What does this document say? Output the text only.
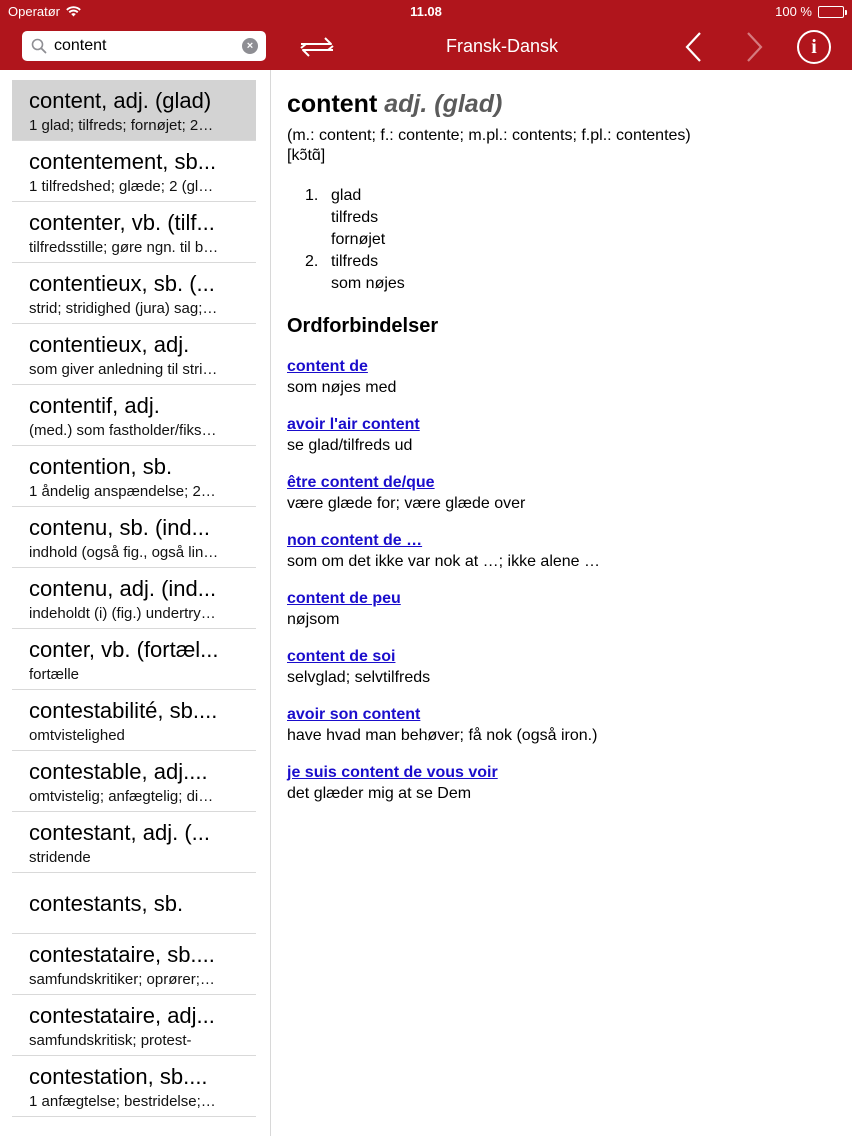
Operatør	11.08	100 %
content
×	Fransk-Dansk	i
content, adj. (glad)
1 glad; tilfreds; fornøjet; 2…
contentement, sb...
1 tilfredshed; glæde; 2 (gl…
contenter, vb. (tilf...
tilfredsstille; gøre ngn. til b…
contentieux, sb. (...
strid; stridighed (jura) sag;…
contentieux, adj.
som giver anledning til stri…
contentif, adj.
(med.) som fastholder/fiks…
contention, sb.
1 åndelig anspændelse; 2…
contenu, sb. (ind...
indhold (også fig., også lin…
contenu, adj. (ind...
indeholdt (i) (fig.) undertry…
conter, vb. (fortæl...
fortælle
contestabilité, sb....
omtvistelighed
contestable, adj....
omtvistelig; anfægtelig; di…
contestant, adj. (...
stridende
contestants, sb.
contestataire, sb....
samfundskritiker; oprører;…
contestataire, adj...
samfundskritisk; protest-
contestation, sb....
1 anfægtelse; bestridelse;…
content adj. (glad)
(m.: content; f.: contente; m.pl.: contents; f.pl.: contentes)
[kɔ̃tɑ̃]
1. glad
tilfreds
fornøjet
2. tilfreds
som nøjes
Ordforbindelser
content de
som nøjes med
avoir l'air content
se glad/tilfreds ud
être content de/que
være glæde for; være glæde over
non content de …
som om det ikke var nok at …; ikke alene …
content de peu
nøjsom
content de soi
selvglad; selvtilfreds
avoir son content
have hvad man behøver; få nok (også iron.)
je suis content de vous voir
det glæder mig at se Dem
